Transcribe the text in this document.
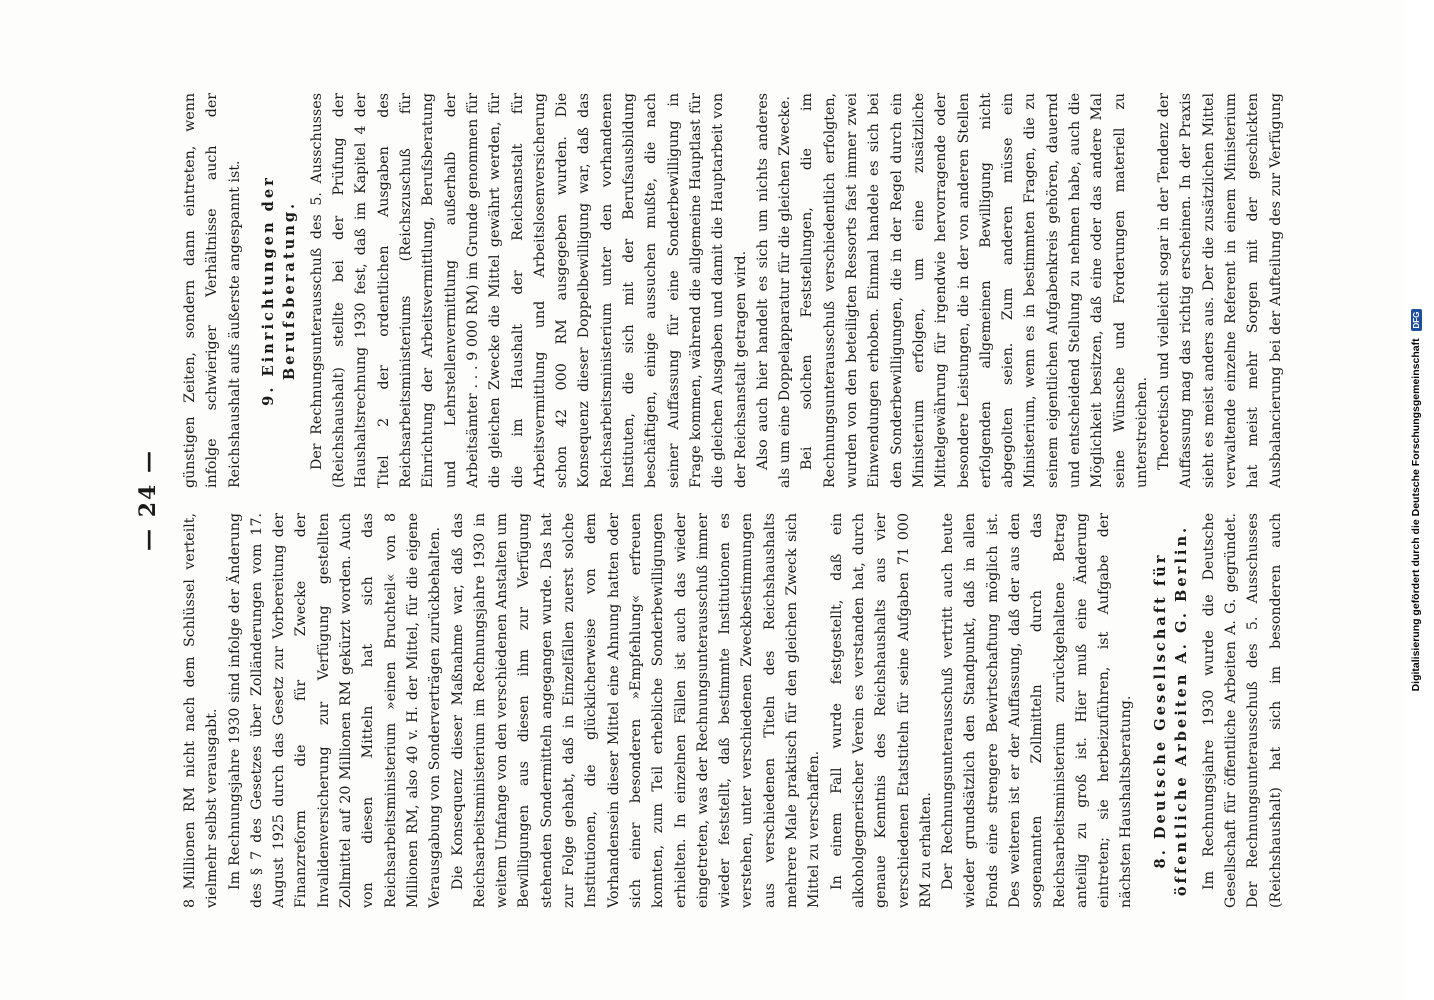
— 24 —

8 Millionen RM nicht nach dem Schlüssel verteilt, vielmehr selbst verausgabt. Im Rechnungsjahre 1930 sind infolge der Änderung des § 7 des Gesetzes über Zolländerungen vom 17. August 1925 durch das Gesetz zur Vorbereitung der Finanzreform die für Zwecke der Invalidenversicherung zur Verfügung gestellten Zollmittel auf 20 Millionen RM gekürzt worden. Auch von diesen Mitteln hat sich das Reichsarbeitsministerium »einen Bruchteil« von 8 Millionen RM, also 40 v. H. der Mittel, für die eigene Verausgabung von Sonderverträgen zurückbehalten. Die Konsequenz dieser Maßnahme war, daß das Reichsarbeitsministerium im Rechnungsjahre 1930 in weitem Umfange von den verschiedenen Anstalten um Bewilligungen aus diesen ihm zur Verfügung stehenden Sondermitteln angegangen wurde. Das hat zur Folge gehabt, daß in Einzelfällen zuerst solche Institutionen, die glücklicherweise von dem Vorhandensein dieser Mittel eine Ahnung hatten oder sich einer besonderen »Empfehlung« erfreuen konnten, zum Teil erhebliche Sonderbewilligungen erhielten. In einzelnen Fällen ist auch das wieder eingetreten, was der Rechnungsunterausschuß immer wieder feststellt, daß bestimmte Institutionen es verstehen, unter verschiedenen Zweckbestimmungen aus verschiedenen Titeln des Reichshaushalts mehrere Male praktisch für den gleichen Zweck sich Mittel zu verschaffen. In einem Fall wurde festgestellt, daß ein alkoholgegnerischer Verein es verstanden hat, durch genaue Kenntnis des Reichshaushalts aus vier verschiedenen Etatstiteln für seine Aufgaben 71 000 RM zu erhalten. Der Rechnungsunterausschuß vertritt auch heute wieder grundsätzlich den Standpunkt, daß in allen Fonds eine strengere Bewirtschaftung möglich ist. Des weiteren ist er der Auffassung, daß der aus den sogenannten Zollmitteln durch das Reichsarbeitsministerium zurückgehaltene Betrag anteilig zu groß ist. Hier muß eine Änderung eintreten; sie herbeizuführen, ist Aufgabe der nächsten Haushaltsberatung. 8. Deutsche Gesellschaft für öffentliche Arbeiten A. G. Berlin. Im Rechnungsjahre 1930 wurde die Deutsche Gesellschaft für öffentliche Arbeiten A. G. gegründet. Der Rechnungsunterausschuß des 5. Ausschusses (Reichshaushalt) hat sich im besonderen auch

günstigen Zeiten, sondern dann eintreten, wenn infolge schwieriger Verhältnisse auch der Reichshaushalt aufs äußerste angespannt ist. 9. Einrichtungen der Berufsberatung. Der Rechnungsunterausschuß des 5. Ausschusses (Reichshaushalt) stellte bei der Prüfung der Haushaltsrechnung 1930 fest, daß im Kapitel 4 der Titel 2 der ordentlichen Ausgaben des Reichsarbeitsministeriums (Reichszuschuß für Einrichtung der Arbeitsvermittlung, Berufsberatung und Lehrstellenvermittlung außerhalb der Arbeitsämter . . . 9 000 RM) im Grunde genommen für die gleichen Zwecke die Mittel gewährt werden, für die im Haushalt der Reichsanstalt für Arbeitsvermittlung und Arbeitslosenversicherung schon 42 000 RM ausgegeben wurden. Die Konsequenz dieser Doppelbewilligung war, daß das Reichsarbeitsministerium unter den vorhandenen Instituten, die sich mit der Berufsausbildung beschäftigen, einige aussuchen mußte, die nach seiner Auffassung für eine Sonderbewilligung in Frage kommen, während die allgemeine Hauptlast für die gleichen Ausgaben und damit die Hauptarbeit von der Reichsanstalt getragen wird. Also auch hier handelt es sich um nichts anderes als um eine Doppelapparatur für die gleichen Zwecke. Bei solchen Feststellungen, die im Rechnungsunterausschuß verschiedentlich erfolgten, wurden von den beteiligten Ressorts fast immer zwei Einwendungen erhoben. Einmal handele es sich bei den Sonderbewilligungen, die in der Regel durch ein Ministerium erfolgen, um eine zusätzliche Mittelgewährung für irgendwie hervorragende oder besondere Leistungen, die in der von anderen Stellen erfolgenden allgemeinen Bewilligung nicht abgegolten seien. Zum anderen müsse ein Ministerium, wenn es in bestimmten Fragen, die zu seinem eigentlichen Aufgabenkreis gehören, dauernd und entscheidend Stellung zu nehmen habe, auch die Möglichkeit besitzen, daß eine oder das andere Mal seine Wünsche und Forderungen materiell zu unterstreichen. Theoretisch und vielleicht sogar in der Tendenz der Auffassung mag das richtig erscheinen. In der Praxis sieht es meist anders aus. Der die zusätzlichen Mittel verwaltende einzelne Referent in einem Ministerium hat meist mehr Sorgen mit der geschickten Ausbalancierung bei der Aufteilung des zur Verfügung

Digitalisierung gefördert durch die Deutsche Forschungsgemeinschaft DFG
